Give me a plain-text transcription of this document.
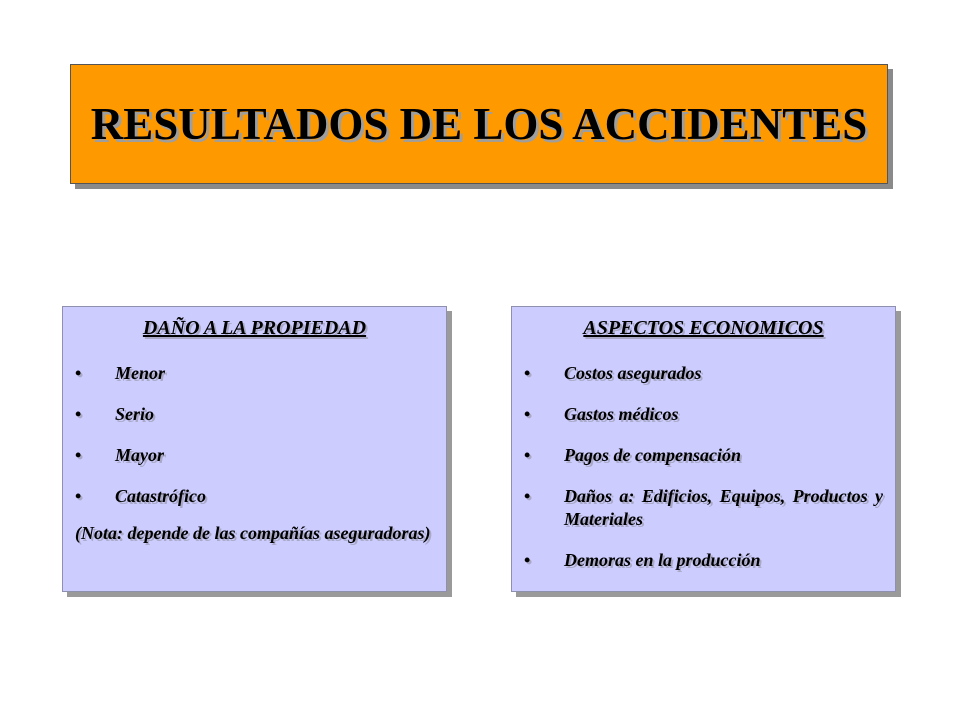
RESULTADOS DE LOS ACCIDENTES
DAÑO A LA PROPIEDAD
• Menor
• Serio
• Mayor
• Catastrófico
(Nota: depende de las compañías aseguradoras)
ASPECTOS ECONOMICOS
• Costos asegurados
• Gastos médicos
• Pagos de compensación
• Daños a: Edificios, Equipos, Productos y Materiales
• Demoras en la producción
